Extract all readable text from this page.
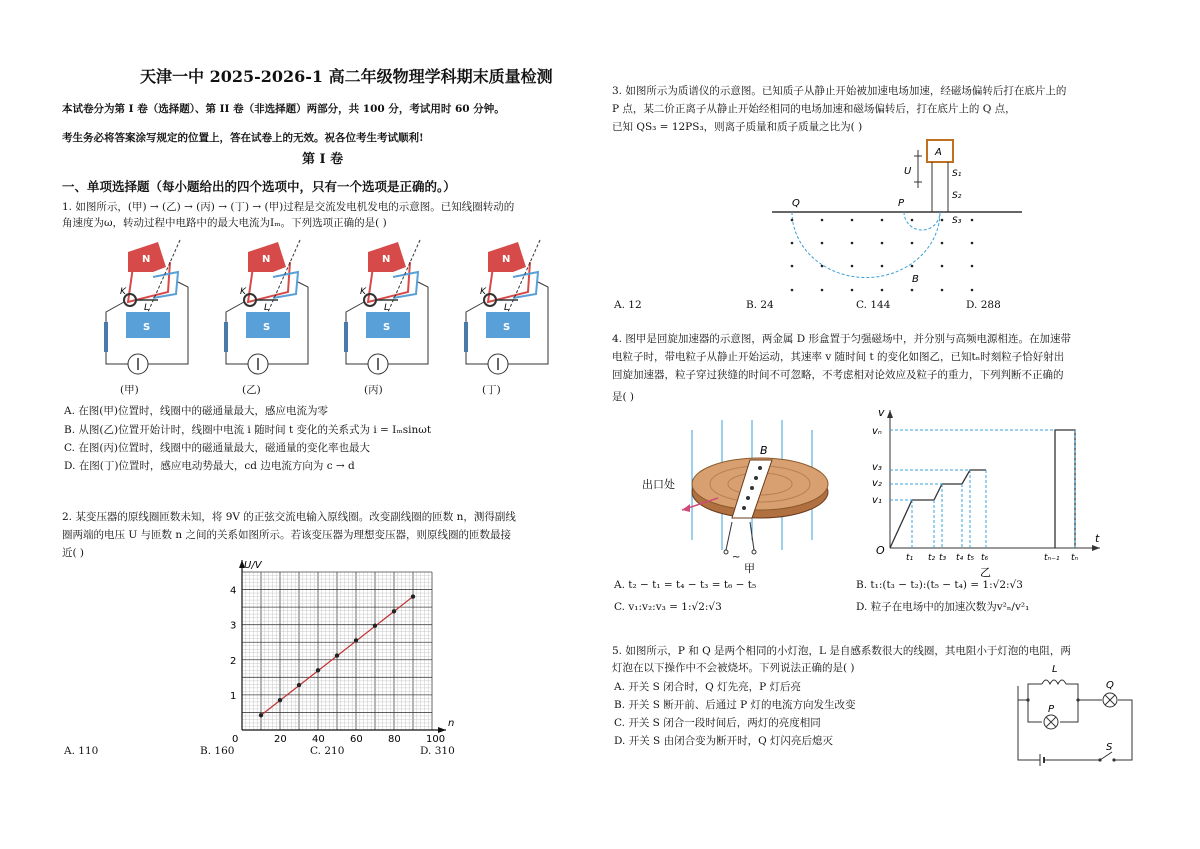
天津一中 2025-2026-1 高二年级物理学科期末质量检测
本试卷分为第 I 卷（选择题）、第 II 卷（非选择题）两部分，共 100 分，考试用时 60 分钟。
考生务必将答案涂写规定的位置上，答在试卷上的无效。祝各位考生考试顺利!
第 I 卷
一、单项选择题（每小题给出的四个选项中，只有一个选项是正确的。）
1. 如图所示，(甲) → (乙) → (丙) → (丁) → (甲)过程是交流发电机发电的示意图。已知线圈转动的
角速度为ω，转动过程中电路中的最大电流为Iₘ。下列选项正确的是( )
N
S
K
L
(甲)	(乙)	(丙)	(丁)
A. 在图(甲)位置时，线圈中的磁通量最大，感应电流为零
B. 从图(乙)位置开始计时，线圈中电流 i 随时间 t 变化的关系式为 i = Iₘsinωt
C. 在图(丙)位置时，线圈中的磁通量最大，磁通量的变化率也最大
D. 在图(丁)位置时，感应电动势最大，cd 边电流方向为 c → d
2. 某变压器的原线圈匝数未知，将 9V 的正弦交流电输入原线圈。改变副线圈的匝数 n，测得副线
圈两端的电压 U 与匝数 n 之间的关系如图所示。若该变压器为理想变压器，则原线圈的匝数最接
近( )
n
U/V
0	20	40	60	80	100
1
2
3
4
A. 110	B. 160	C. 210	D. 310
3. 如图所示为质谱仪的示意图。已知质子从静止开始被加速电场加速，经磁场偏转后打在底片上的
P 点，某二价正离子从静止开始经相同的电场加速和磁场偏转后，打在底片上的 Q 点，
已知 QS₃ = 12PS₃，则离子质量和质子质量之比为( )
A
U	S₁
S₂
S₃
Q	P
B
A. 12	B. 24	C. 144	D. 288
4. 图甲是回旋加速器的示意图，两金属 D 形盒置于匀强磁场中，并分别与高频电源相连。在加速带
电粒子时，带电粒子从静止开始运动，其速率 v 随时间 t 的变化如图乙，已知tₙ时刻粒子恰好射出
回旋加速器，粒子穿过狭缝的时间不可忽略，不考虑相对论效应及粒子的重力，下列判断不正确的
是( )
出口处
B
~
甲
v
t
O
vₙ
v₃
v₂
v₁
t₁ t₂ t₃ t₄ t₅ t₆	tₙ₋₁ tₙ
乙
A. t₂ − t₁ = t₄ − t₃ = t₆ − t₅	B. t₁:(t₃ − t₂):(t₅ − t₄) = 1:√2:√3
C. v₁:v₂:v₃ = 1:√2:√3	D. 粒子在电场中的加速次数为v²ₙ/v²₁
5. 如图所示，P 和 Q 是两个相同的小灯泡，L 是自感系数很大的线圈，其电阻小于灯泡的电阻，两
灯泡在以下操作中不会被烧坏。下列说法正确的是( )
A. 开关 S 闭合时，Q 灯先亮，P 灯后亮
B. 开关 S 断开前、后通过 P 灯的电流方向发生改变
C. 开关 S 闭合一段时间后，两灯的亮度相同
D. 开关 S 由闭合变为断开时，Q 灯闪亮后熄灭
L
P
Q
S
